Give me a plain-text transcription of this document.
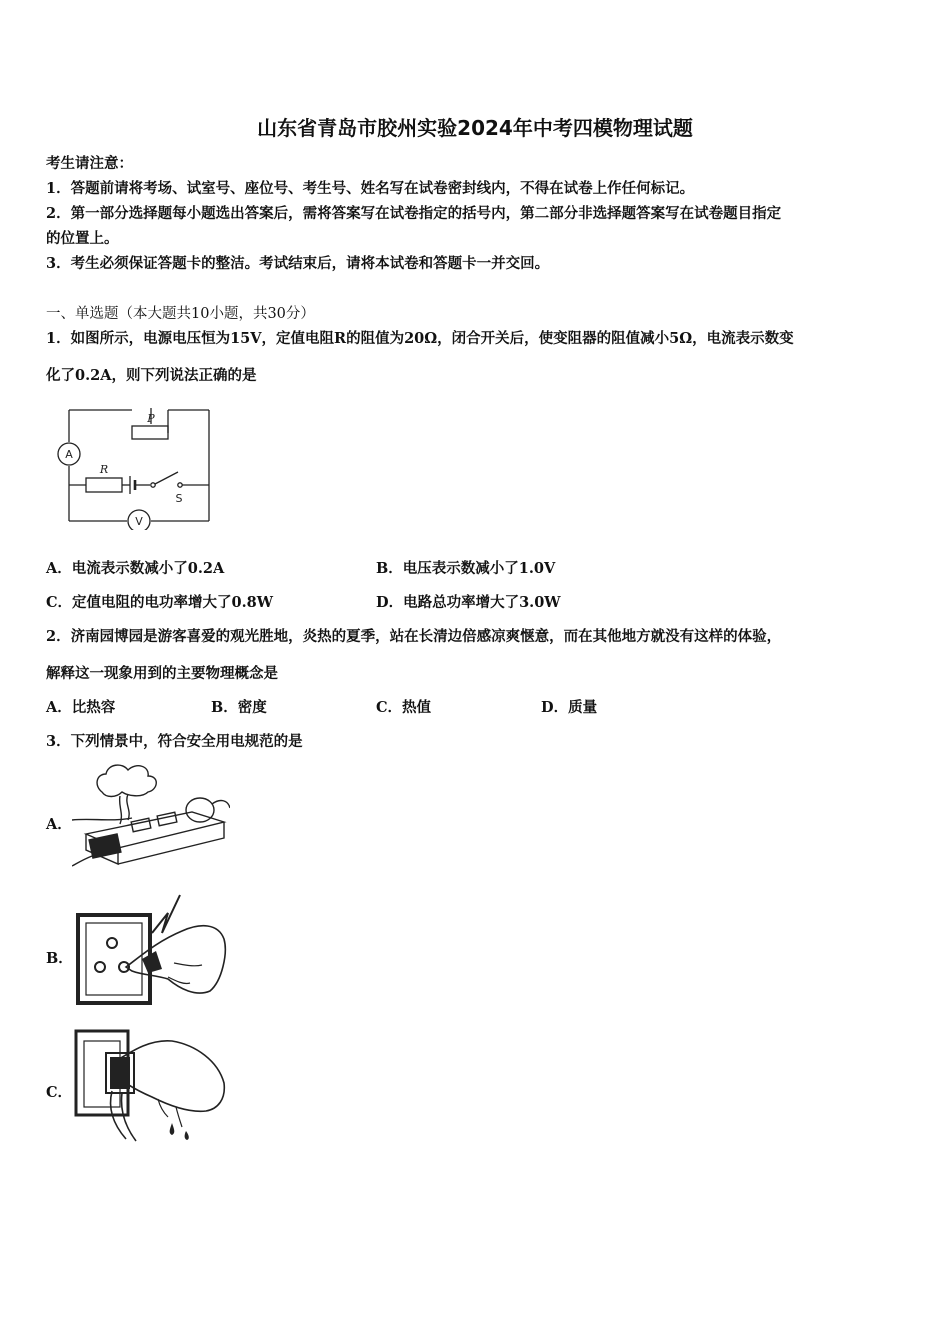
山东省青岛市胶州实验2024年中考四模物理试题
考生请注意：
1．答题前请将考场、试室号、座位号、考生号、姓名写在试卷密封线内，不得在试卷上作任何标记。
2．第一部分选择题每小题选出答案后，需将答案写在试卷指定的括号内，第二部分非选择题答案写在试卷题目指定
的位置上。
3．考生必须保证答题卡的整洁。考试结束后，请将本试卷和答题卡一并交回。
一、单选题（本大题共10小题，共30分）
1．如图所示，电源电压恒为15V，定值电阻R的阻值为20Ω，闭合开关后，使变阻器的阻值减小5Ω，电流表示数变
化了0.2A，则下列说法正确的是
P
R
A
V
S
A．电流表示数减小了0.2A	B．电压表示数减小了1.0V
C．定值电阻的电功率增大了0.8W	D．电路总功率增大了3.0W
2．济南园博园是游客喜爱的观光胜地，炎热的夏季，站在长清边倍感凉爽惬意，而在其他地方就没有这样的体验，
解释这一现象用到的主要物理概念是
A．比热容	B．密度	C．热值	D．质量
3．下列情景中，符合安全用电规范的是
A．
B．
C．
